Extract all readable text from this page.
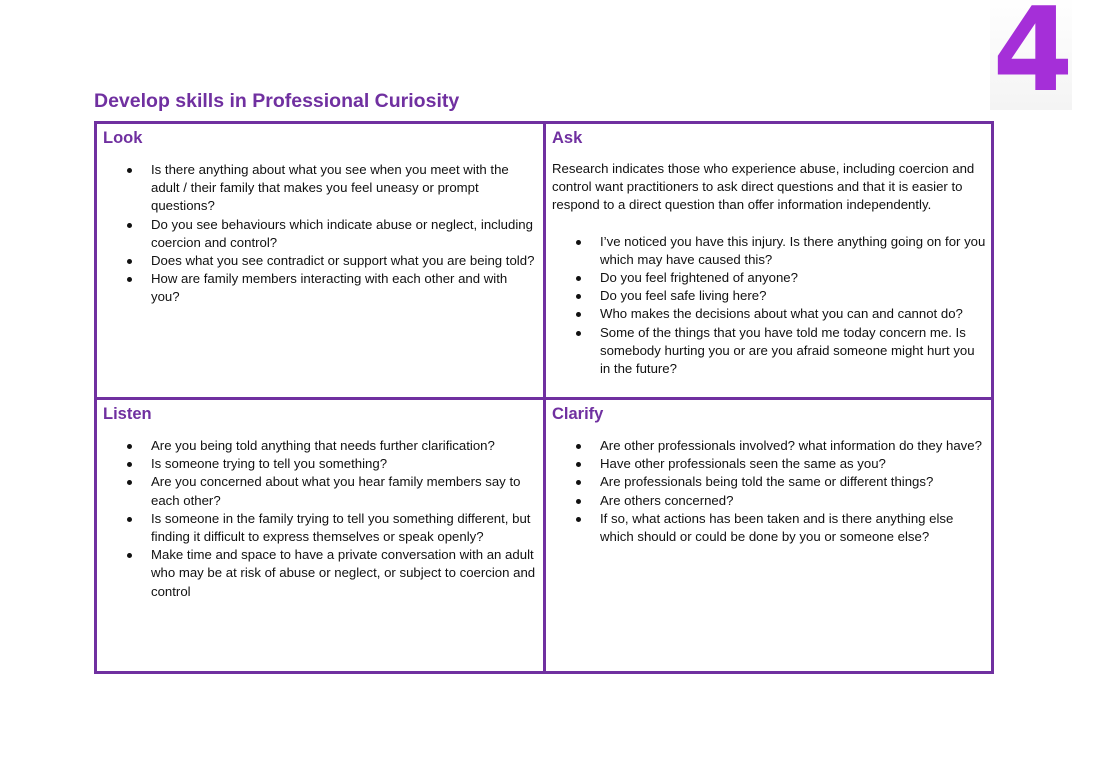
4
Develop skills in Professional Curiosity
Look
Is there anything about what you see when you meet with the adult / their family that makes you feel uneasy or prompt questions?
Do you see behaviours which indicate abuse or neglect, including coercion and control?
Does what you see contradict or support what you are being told?
How are family members interacting with each other and with you?
Ask

Research indicates those who experience abuse, including coercion and control want practitioners to ask direct questions and that it is easier to respond to a direct question than offer information independently.

I’ve noticed you have this injury. Is there anything going on for you which may have caused this?
Do you feel frightened of anyone?
Do you feel safe living here?
Who makes the decisions about what you can and cannot do?
Some of the things that you have told me today concern me. Is somebody hurting you or are you afraid someone might hurt you in the future?
Listen
Are you being told anything that needs further clarification?
Is someone trying to tell you something?
Are you concerned about what you hear family members say to each other?
Is someone in the family trying to tell you something different, but finding it difficult to express themselves or speak openly?
Make time and space to have a private conversation with an adult who may be at risk of abuse or neglect, or subject to coercion and control
Clarify
Are other professionals involved? what information do they have?
Have other professionals seen the same as you?
Are professionals being told the same or different things?
Are others concerned?
If so, what actions has been taken and is there anything else which should or could be done by you or someone else?
